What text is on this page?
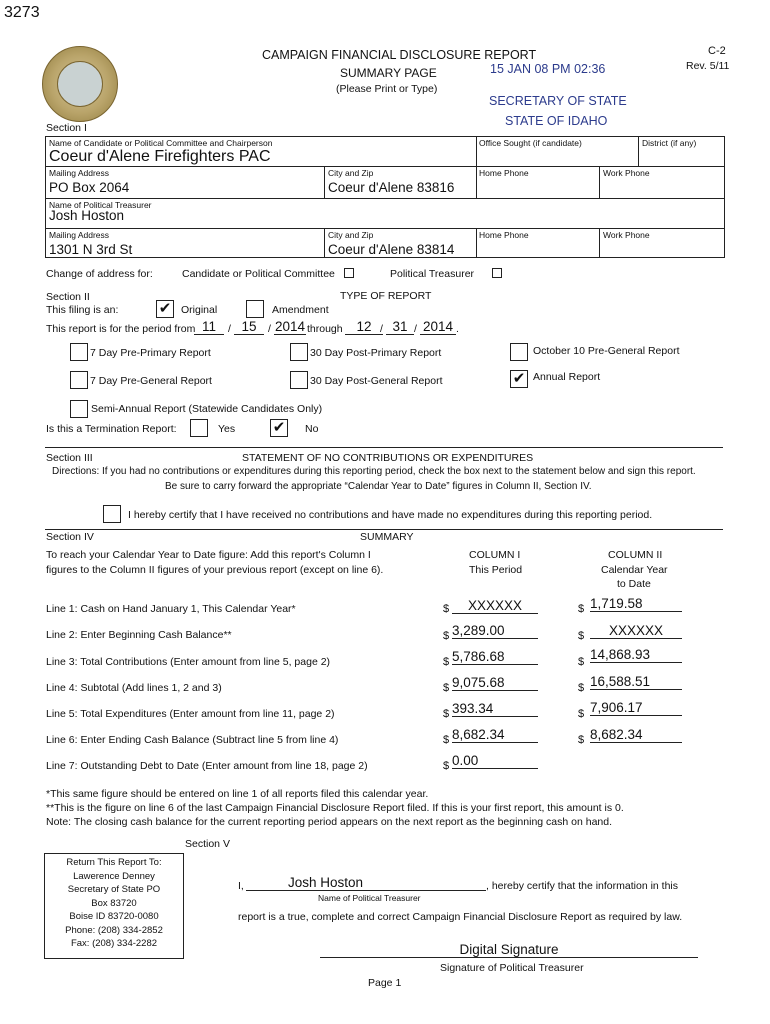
3273
CAMPAIGN FINANCIAL DISCLOSURE REPORT
SUMMARY PAGE
(Please Print or Type)
C-2
Rev. 5/11
15 JAN 08 PM 02:36
SECRETARY OF STATE
STATE OF IDAHO
Section I
Name of Candidate or Political Committee and Chairperson
Coeur d'Alene Firefighters PAC
Office Sought (if candidate)	District (if any)
Mailing Address
PO Box 2064
City and Zip
Coeur d'Alene 83816
Home Phone	Work Phone
Name of Political Treasurer
Josh Hoston
Mailing Address
1301 N 3rd St
City and Zip
Coeur d'Alene 83814
Home Phone	Work Phone
Change of address for:	Candidate or Political Committee	Political Treasurer
Section II	TYPE OF REPORT
This filing is an:	✔ Original	Amendment
This report is for the period from 11	/ 15	/ 2014 through	12 / 31 / 2014 .
7 Day Pre-Primary Report	30 Day Post-Primary Report	October 10 Pre-General Report
7 Day Pre-General Report	30 Day Post-General Report	✔ Annual Report
Semi-Annual Report (Statewide Candidates Only)
Is this a Termination Report:	Yes	✔ No
Section III	STATEMENT OF NO CONTRIBUTIONS OR EXPENDITURES
Directions: If you had no contributions or expenditures during this reporting period, check the box next to the statement below and sign this report.
Be sure to carry forward the appropriate “Calendar Year to Date” figures in Column II, Section IV.
I hereby certify that I have received no contributions and have made no expenditures during this reporting period.
Section IV	SUMMARY
To reach your Calendar Year to Date figure: Add this report's Column I
figures to the Column II figures of your previous report (except on line 6).
COLUMN I
This Period
COLUMN II
Calendar Year
to Date
Line 1: Cash on Hand January 1, This Calendar Year*	$	XXXXXX	$ 1,719.58
Line 2: Enter Beginning Cash Balance**	$ 3,289.00	$	XXXXXX
Line 3: Total Contributions (Enter amount from line 5, page 2)	$ 5,786.68	$ 14,868.93
Line 4: Subtotal (Add lines 1, 2 and 3)	$ 9,075.68	$ 16,588.51
Line 5: Total Expenditures (Enter amount from line 11, page 2)	$ 393.34	$ 7,906.17
Line 6: Enter Ending Cash Balance (Subtract line 5 from line 4)	$ 8,682.34	$ 8,682.34
Line 7: Outstanding Debt to Date (Enter amount from line 18, page 2)	$ 0.00
*This same figure should be entered on line 1 of all reports filed this calendar year.
**This is the figure on line 6 of the last Campaign Financial Disclosure Report filed. If this is your first report, this amount is 0.
Note: The closing cash balance for the current reporting period appears on the next report as the beginning cash on hand.
Section V
Return This Report To:
Lawerence Denney
Secretary of State PO
Box 83720
Boise ID 83720-0080
Phone: (208) 334-2852
Fax: (208) 334-2282
I,	Josh Hoston	, hereby certify that the information in this
Name of Political Treasurer
report is a true, complete and correct Campaign Financial Disclosure Report as required by law.
Digital Signature
Signature of Political Treasurer
Page 1
